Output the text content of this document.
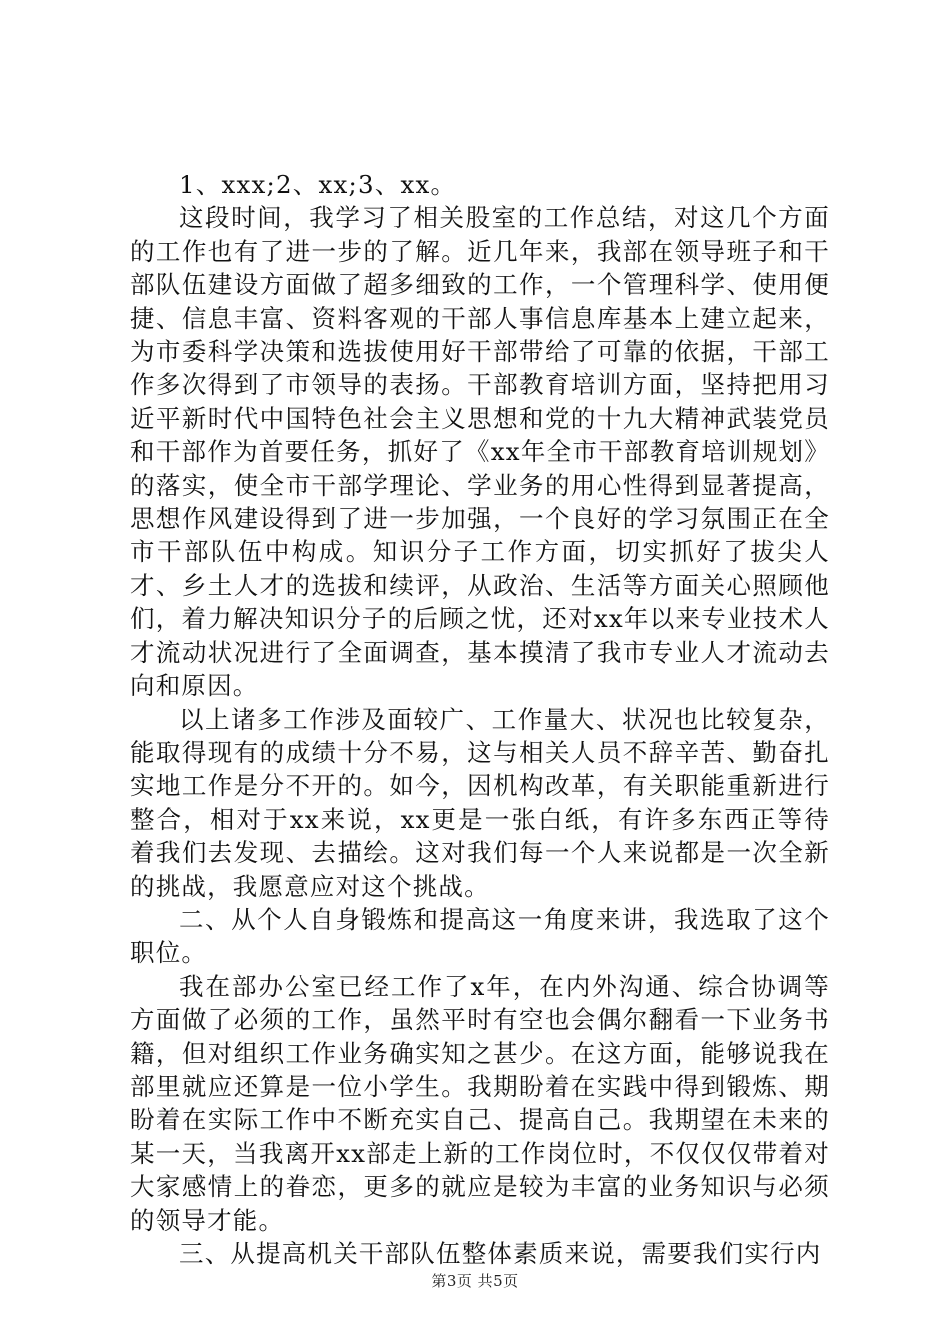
1、xxx;2、xx;3、xx。

这段时间，我学习了相关股室的工作总结，对这几个方面的工作也有了进一步的了解。近几年来，我部在领导班子和干部队伍建设方面做了超多细致的工作，一个管理科学、使用便捷、信息丰富、资料客观的干部人事信息库基本上建立起来，为市委科学决策和选拔使用好干部带给了可靠的依据，干部工作多次得到了市领导的表扬。干部教育培训方面，坚持把用习近平新时代中国特色社会主义思想和党的十九大精神武装党员和干部作为首要任务，抓好了《xx年全市干部教育培训规划》的落实，使全市干部学理论、学业务的用心性得到显著提高，思想作风建设得到了进一步加强，一个良好的学习氛围正在全市干部队伍中构成。知识分子工作方面，切实抓好了拔尖人才、乡土人才的选拔和续评，从政治、生活等方面关心照顾他们，着力解决知识分子的后顾之忧，还对xx年以来专业技术人才流动状况进行了全面调查，基本摸清了我市专业人才流动去向和原因。

以上诸多工作涉及面较广、工作量大、状况也比较复杂，能取得现有的成绩十分不易，这与相关人员不辞辛苦、勤奋扎实地工作是分不开的。如今，因机构改革，有关职能重新进行整合，相对于xx来说，xx更是一张白纸，有许多东西正等待着我们去发现、去描绘。这对我们每一个人来说都是一次全新的挑战，我愿意应对这个挑战。

二、从个人自身锻炼和提高这一角度来讲，我选取了这个职位。

我在部办公室已经工作了x年，在内外沟通、综合协调等方面做了必须的工作，虽然平时有空也会偶尔翻看一下业务书籍，但对组织工作业务确实知之甚少。在这方面，能够说我在部里就应还算是一位小学生。我期盼着在实践中得到锻炼、期盼着在实际工作中不断充实自己、提高自己。我期望在未来的某一天，当我离开xx部走上新的工作岗位时，不仅仅仅带着对大家感情上的眷恋，更多的就应是较为丰富的业务知识与必须的领导才能。

三、从提高机关干部队伍整体素质来说，需要我们实行内

第3页 共5页
